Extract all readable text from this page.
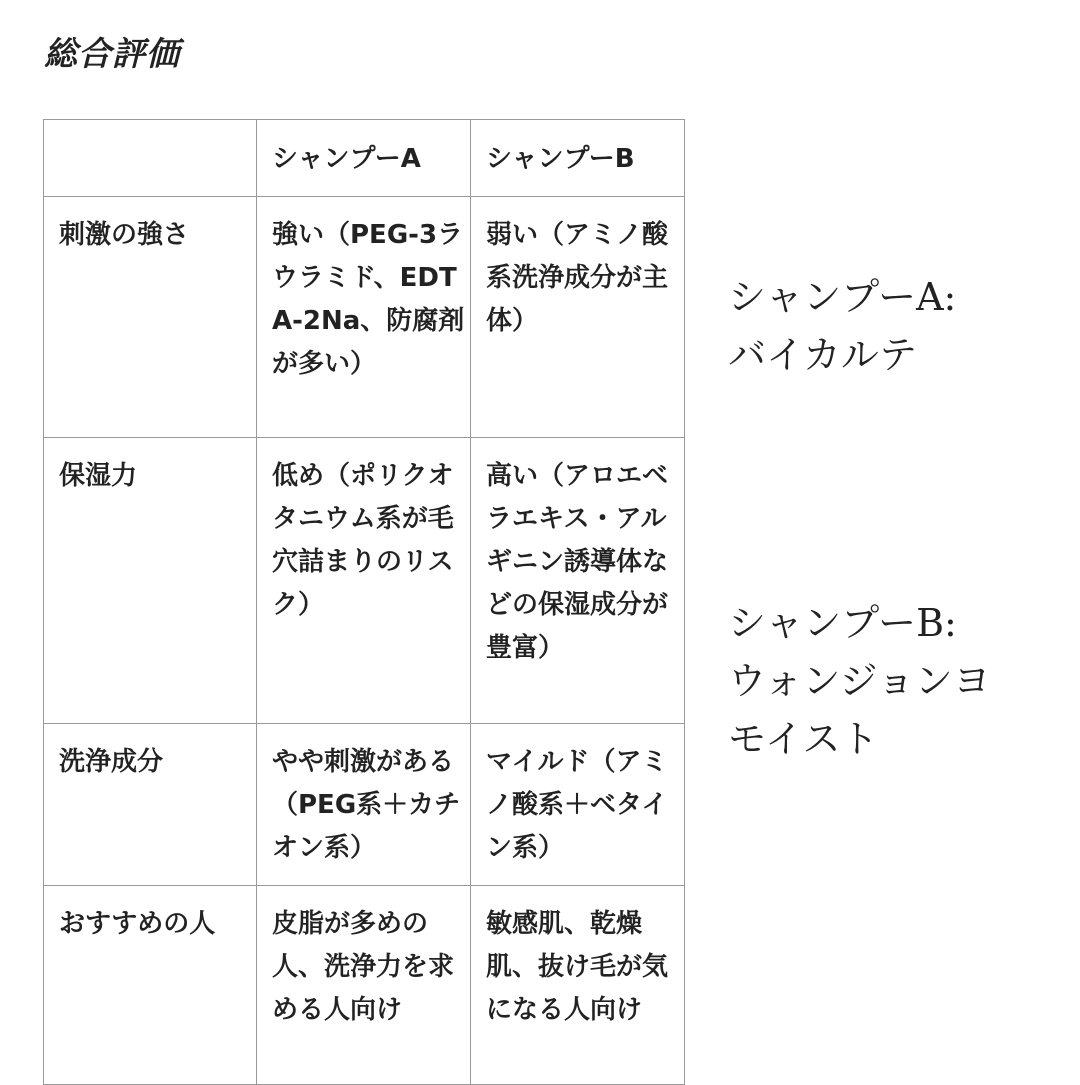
総合評価
	シャンプーA	シャンプーB
刺激の強さ	強い（PEG-3ラウラミド、EDTA-2Na、防腐剤が多い）	弱い（アミノ酸系洗浄成分が主体）
保湿力	低め（ポリクオタニウム系が毛穴詰まりのリスク）	高い（アロエベラエキス・アルギニン誘導体などの保湿成分が豊富）
洗浄成分	やや刺激がある（PEG系＋カチオン系）	マイルド（アミノ酸系＋ベタイン系）
おすすめの人	皮脂が多めの人、洗浄力を求める人向け	敏感肌、乾燥肌、抜け毛が気になる人向け
シャンプーA:
バイカルテ
シャンプーB:
ウォンジョンヨ
モイスト
